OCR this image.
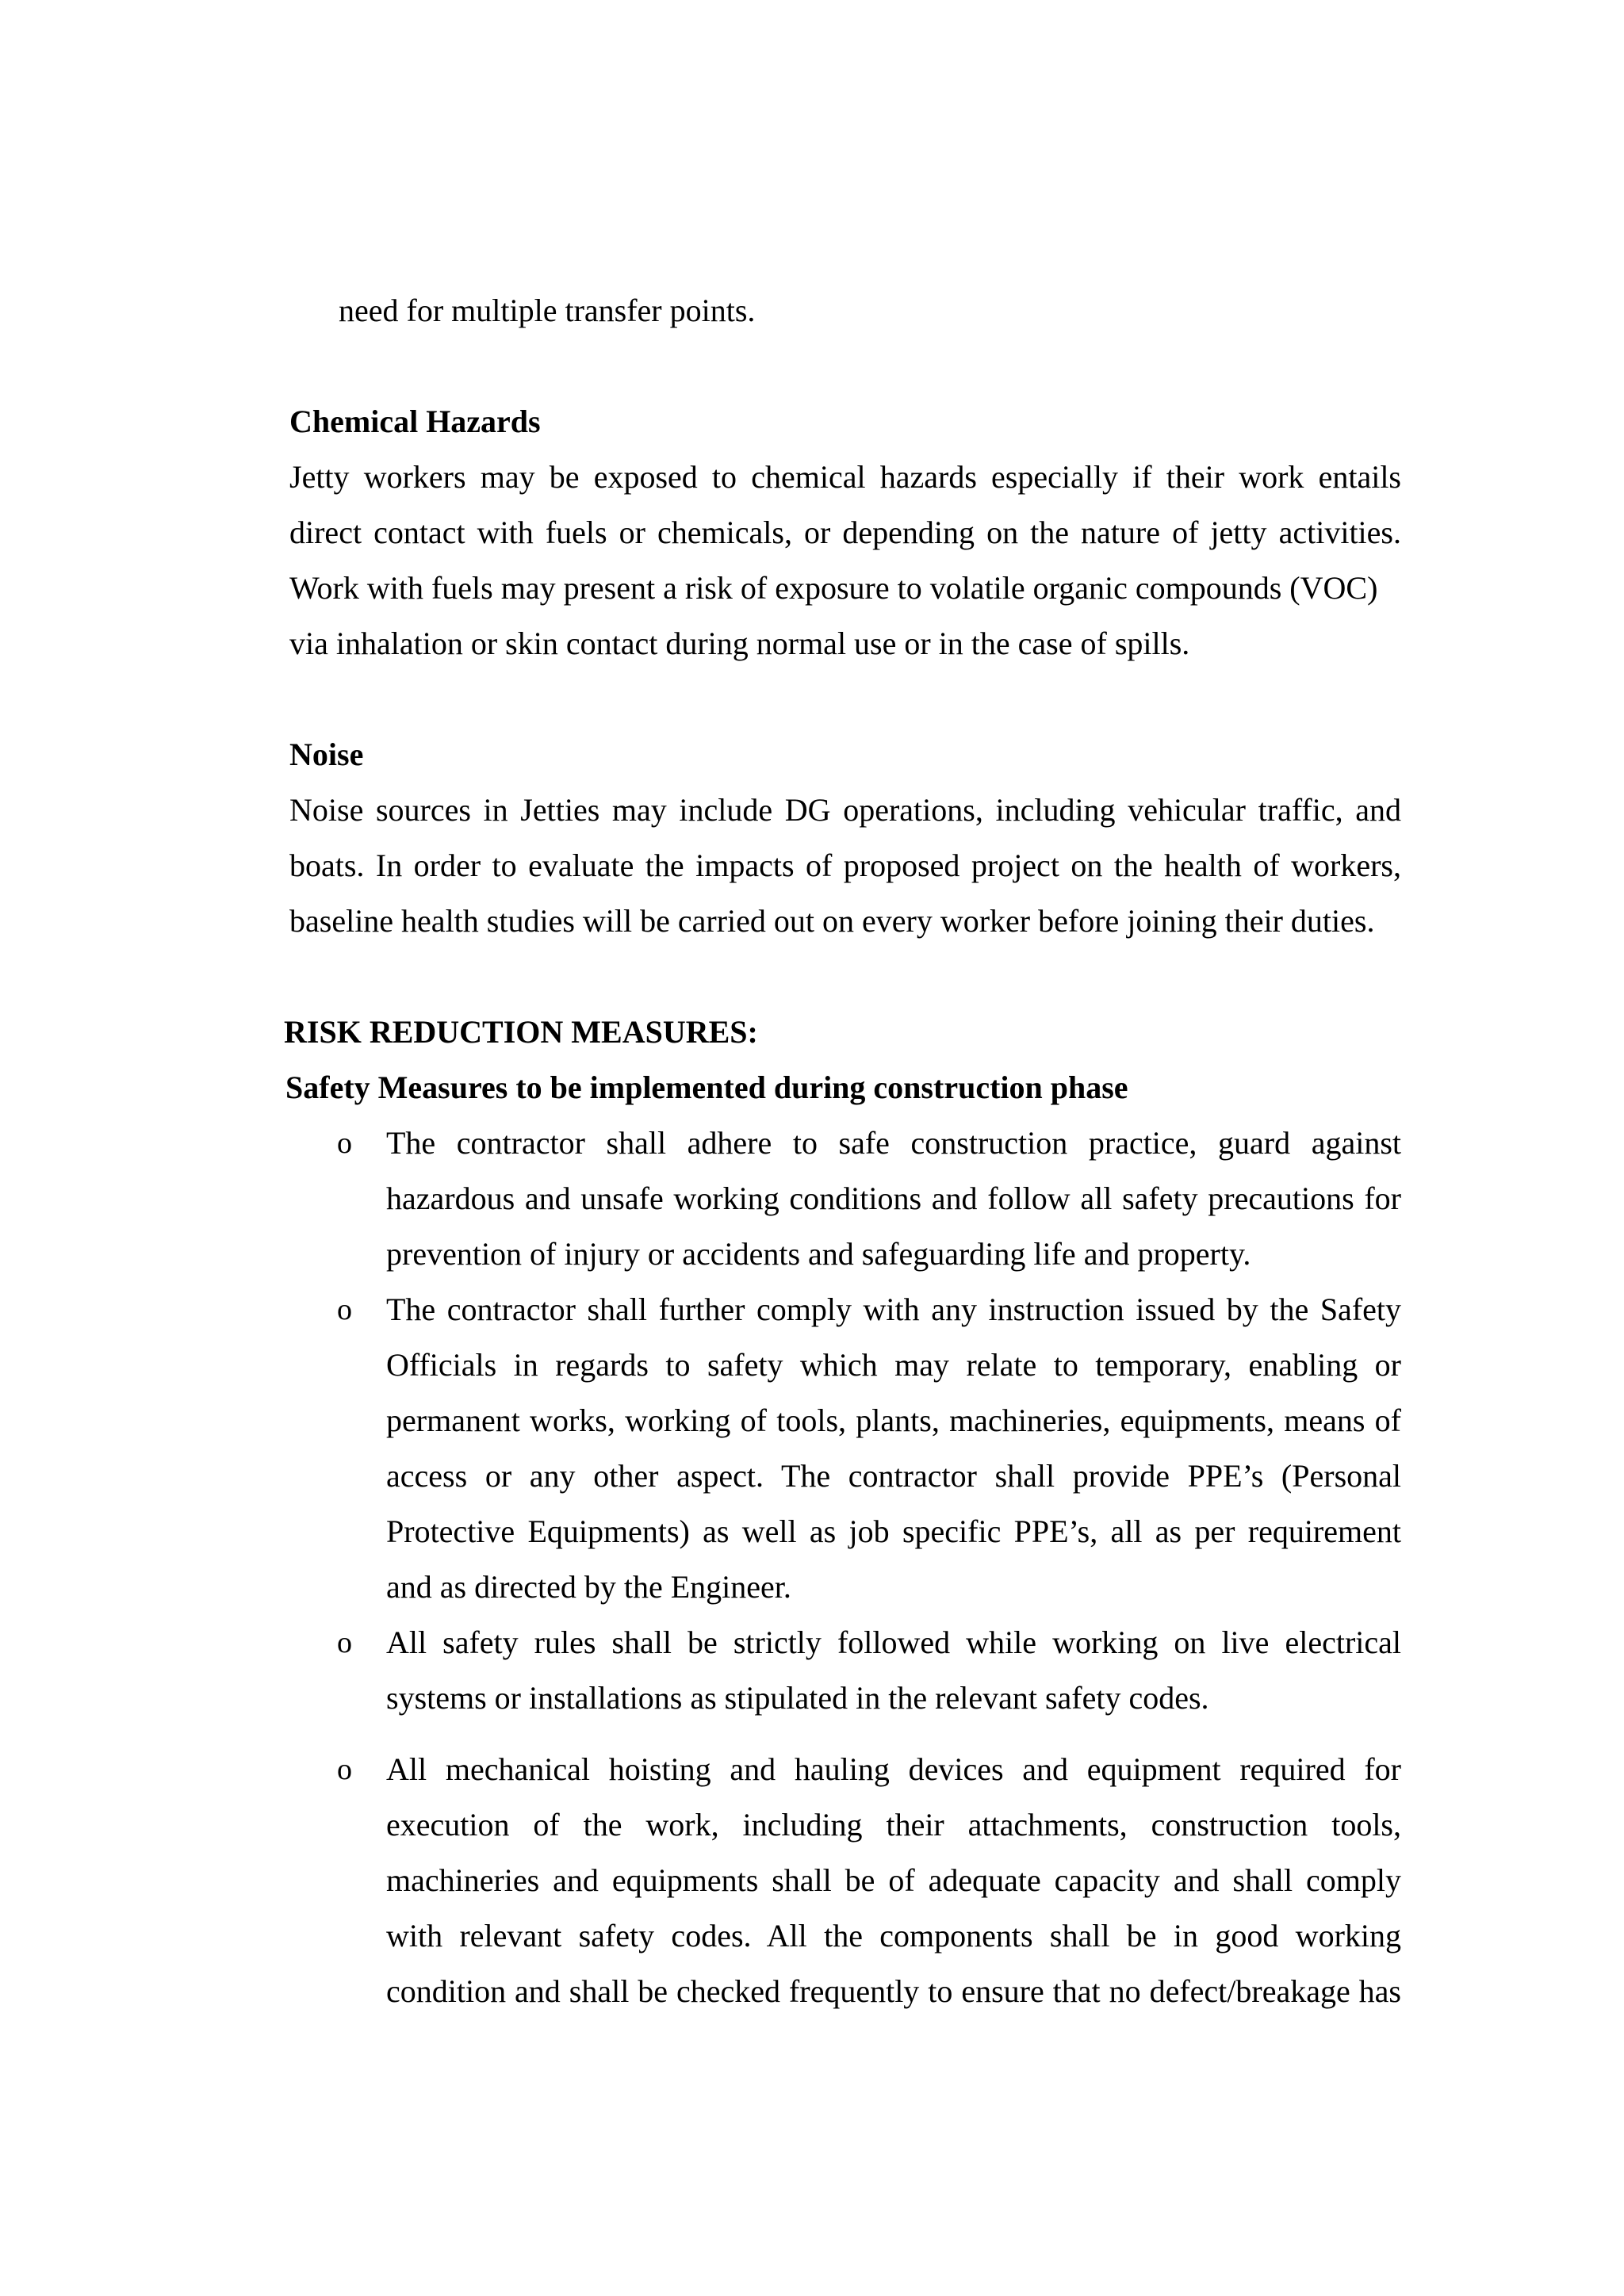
need for multiple transfer points.
Chemical Hazards
Jetty workers may be exposed to chemical hazards especially if their work entails
direct contact with fuels or chemicals, or depending on the nature of jetty activities.
Work with fuels may present a risk of exposure to volatile organic compounds (VOC)
via inhalation or skin contact during normal use or in the case of spills.
Noise
Noise sources in Jetties may include DG operations, including vehicular traffic, and
boats. In order to evaluate the impacts of proposed project on the health of workers,
baseline health studies will be carried out on every worker before joining their duties.
RISK REDUCTION MEASURES:
Safety Measures to be implemented during construction phase
o The contractor shall adhere to safe construction practice, guard against
hazardous and unsafe working conditions and follow all safety precautions for
prevention of injury or accidents and safeguarding life and property.
o The contractor shall further comply with any instruction issued by the Safety
Officials in regards to safety which may relate to temporary, enabling or
permanent works, working of tools, plants, machineries, equipments, means of
access or any other aspect. The contractor shall provide PPE’s (Personal
Protective Equipments) as well as job specific PPE’s, all as per requirement
and as directed by the Engineer.
o All safety rules shall be strictly followed while working on live electrical
systems or installations as stipulated in the relevant safety codes.
o All mechanical hoisting and hauling devices and equipment required for
execution of the work, including their attachments, construction tools,
machineries and equipments shall be of adequate capacity and shall comply
with relevant safety codes. All the components shall be in good working
condition and shall be checked frequently to ensure that no defect/breakage has
